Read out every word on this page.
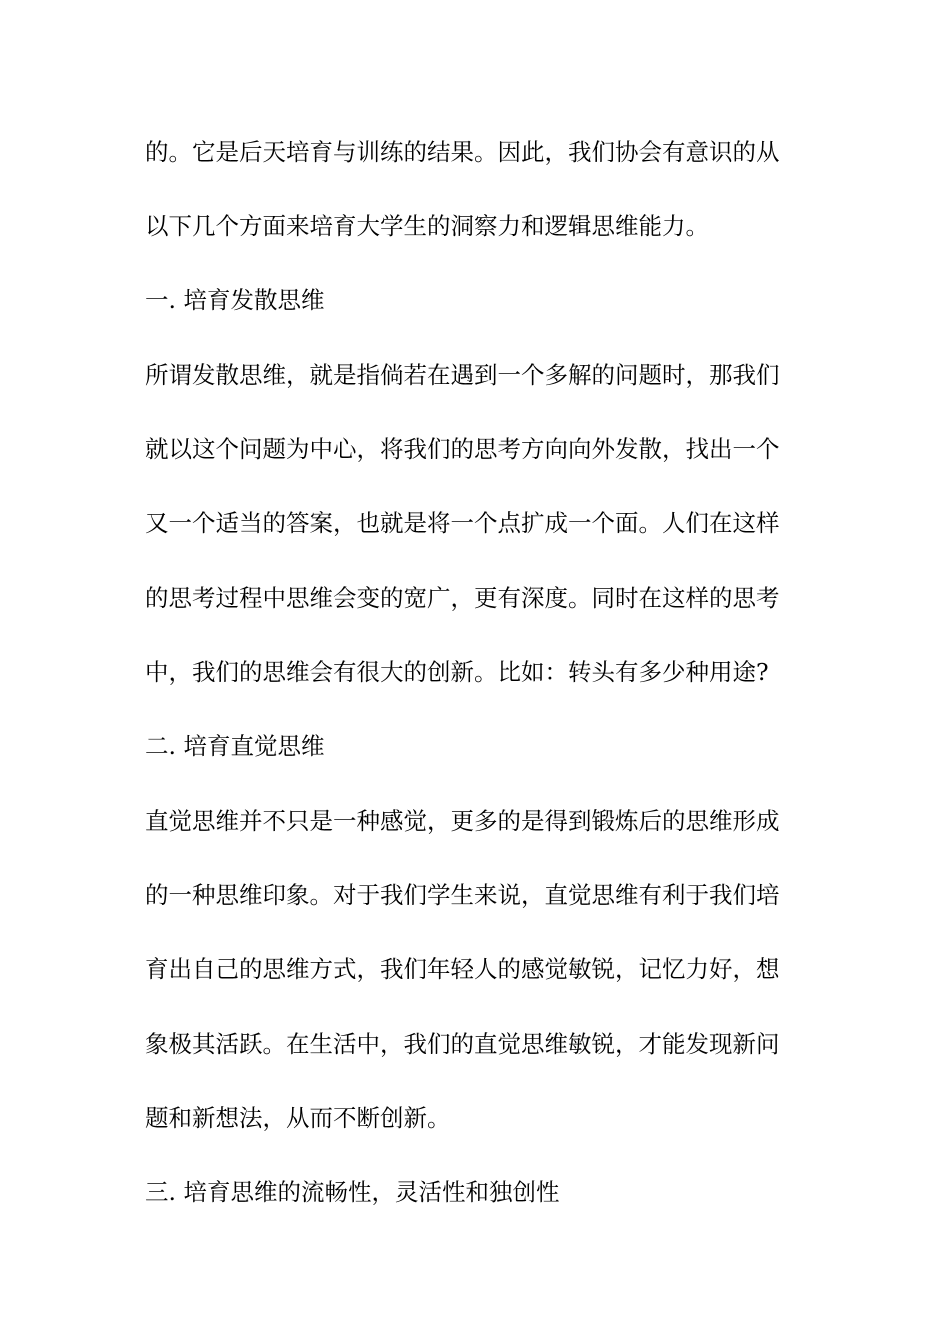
的。它是后天培育与训练的结果。因此，我们协会有意识的从
以下几个方面来培育大学生的洞察力和逻辑思维能力。
一. 培育发散思维
所谓发散思维，就是指倘若在遇到一个多解的问题时，那我们
就以这个问题为中心，将我们的思考方向向外发散，找出一个
又一个适当的答案，也就是将一个点扩成一个面。人们在这样
的思考过程中思维会变的宽广，更有深度。同时在这样的思考
中，我们的思维会有很大的创新。比如：转头有多少种用途?
二. 培育直觉思维
直觉思维并不只是一种感觉，更多的是得到锻炼后的思维形成
的一种思维印象。对于我们学生来说，直觉思维有利于我们培
育出自己的思维方式，我们年轻人的感觉敏锐，记忆力好，想
象极其活跃。在生活中，我们的直觉思维敏锐，才能发现新问
题和新想法，从而不断创新。
三. 培育思维的流畅性，灵活性和独创性
